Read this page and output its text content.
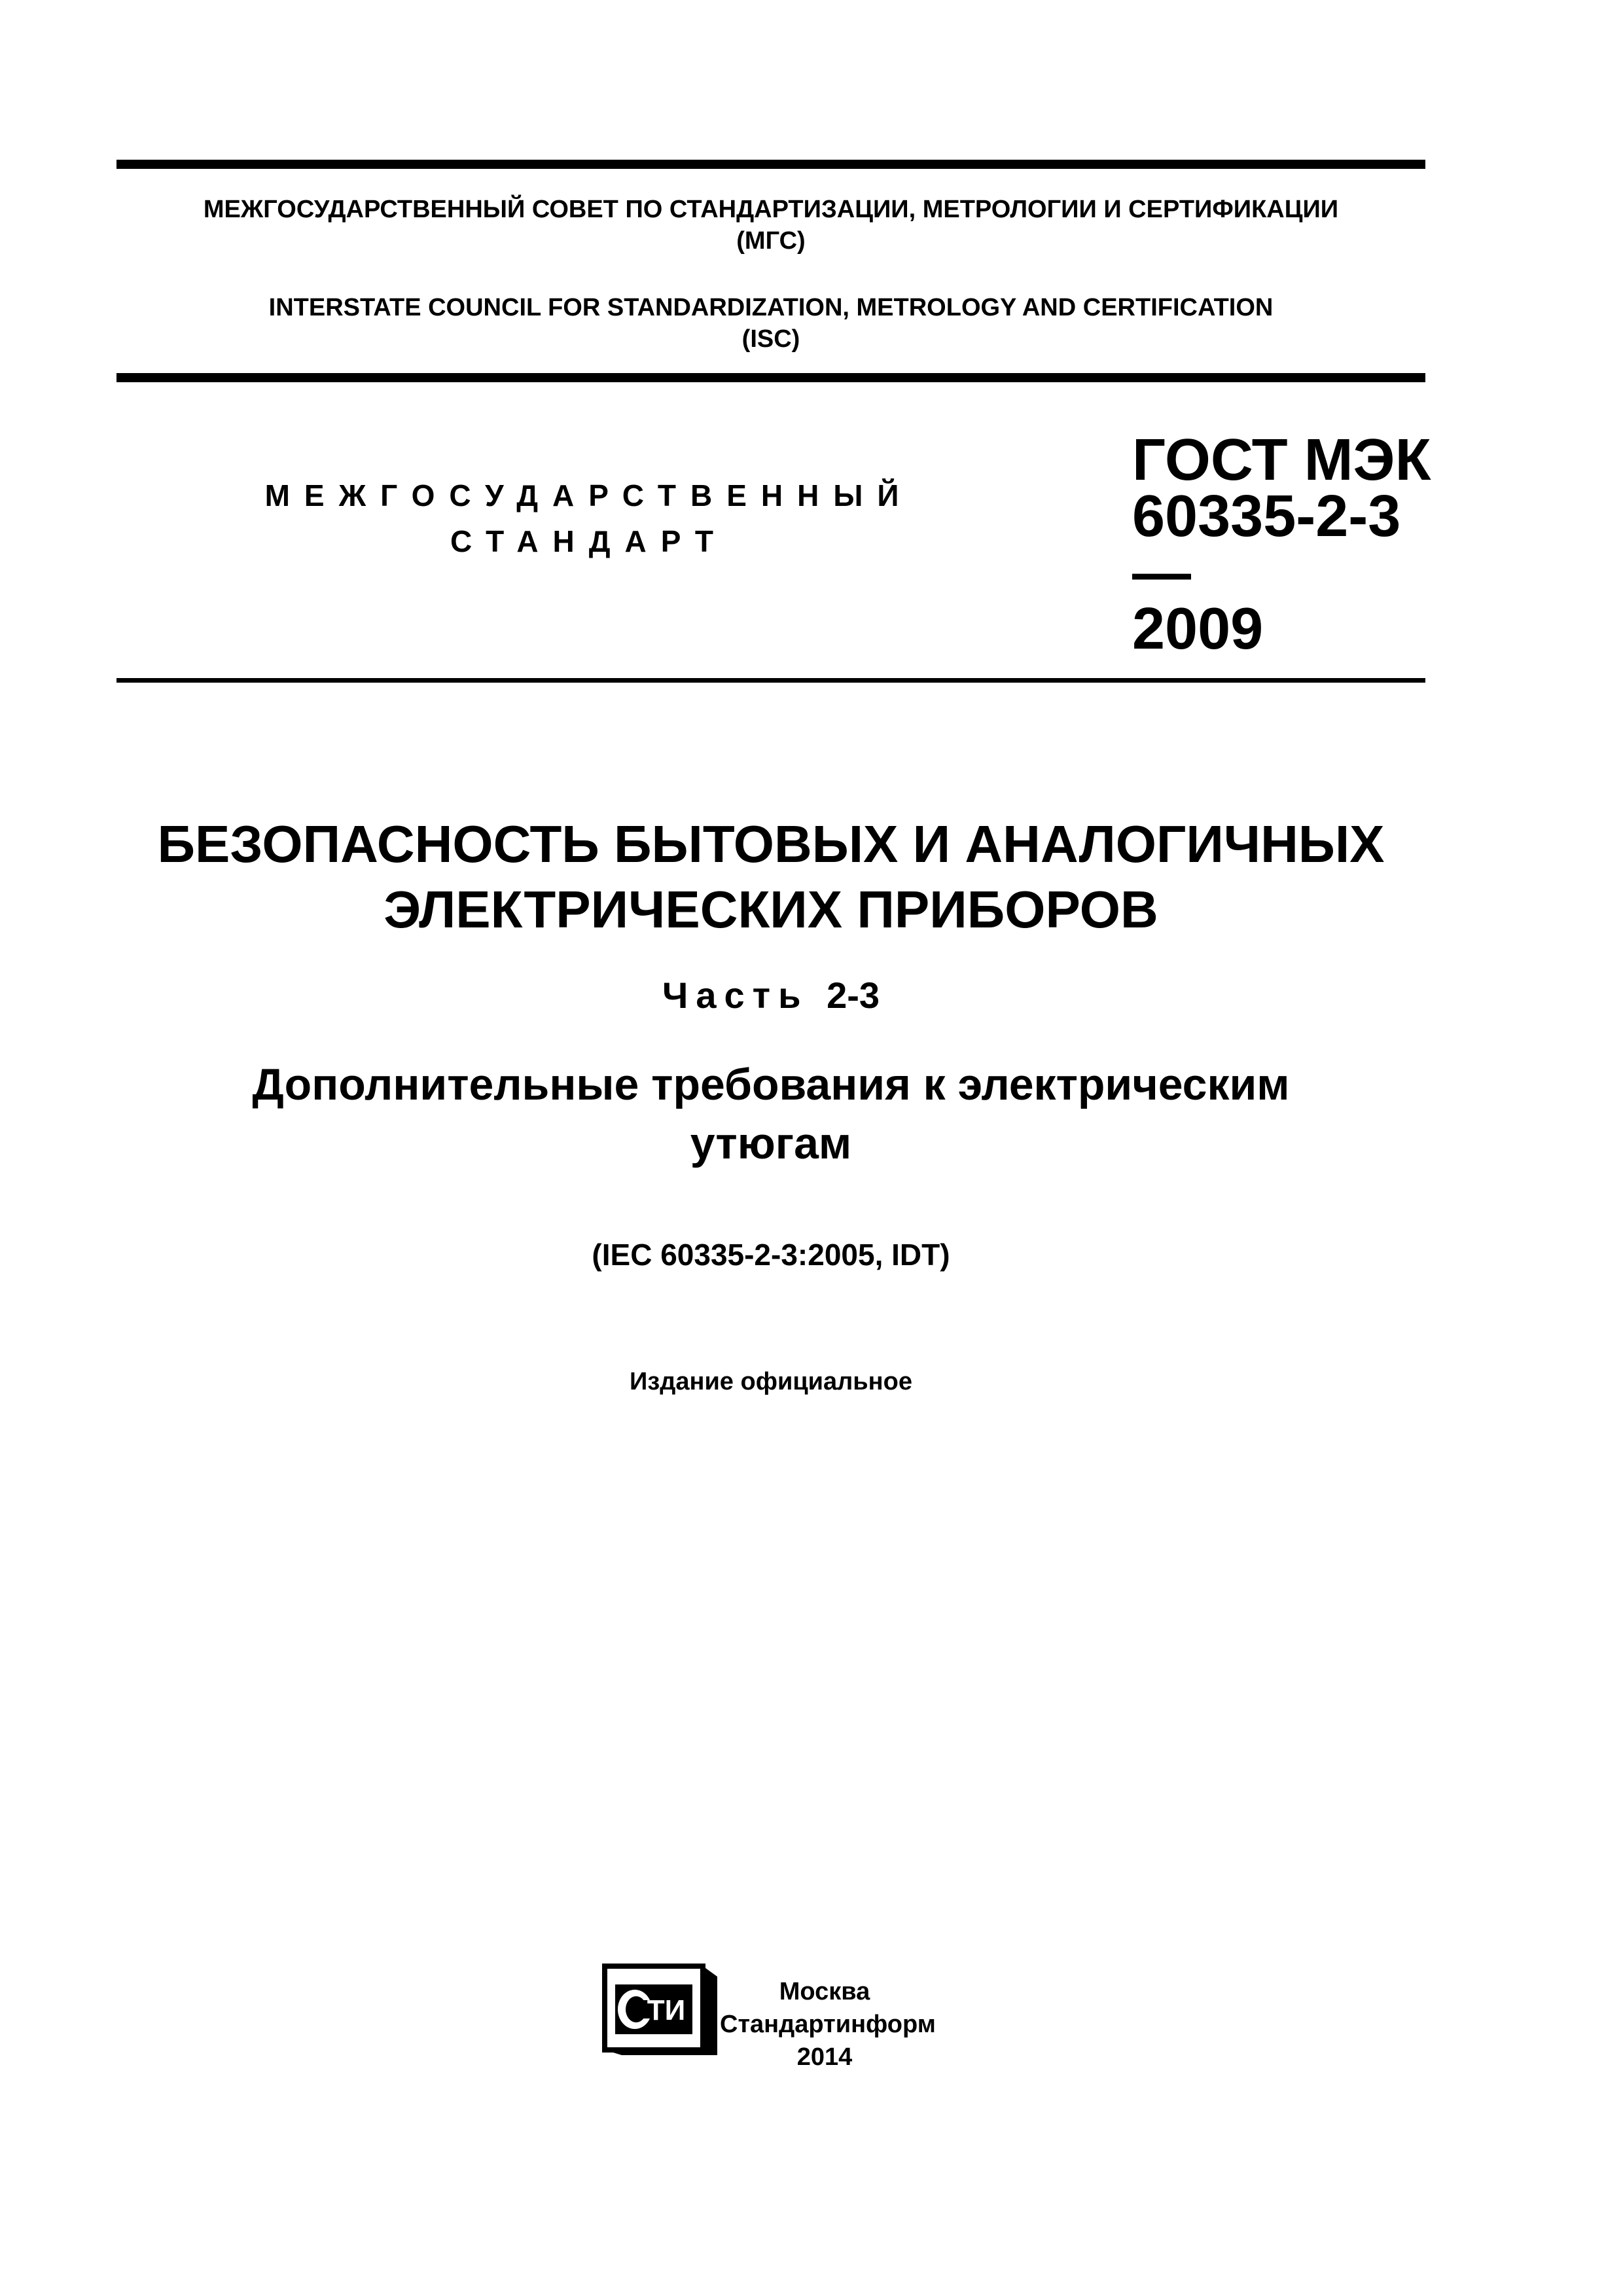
МЕЖГОСУДАРСТВЕННЫЙ СОВЕТ ПО СТАНДАРТИЗАЦИИ, МЕТРОЛОГИИ И СЕРТИФИКАЦИИ
(МГС)
INTERSTATE COUNCIL FOR STANDARDIZATION, METROLOGY AND CERTIFICATION
(ISC)
МЕЖГОСУДАРСТВЕННЫЙ
СТАНДАРТ
ГОСТ МЭК
60335-2-3—
2009
БЕЗОПАСНОСТЬ БЫТОВЫХ И АНАЛОГИЧНЫХ
ЭЛЕКТРИЧЕСКИХ ПРИБОРОВ
Часть 2-3
Дополнительные требования к электрическим
утюгам
(IEC 60335-2-3:2005, IDT)
Издание официальное
ТИ
Москва
Стандартинформ
2014
